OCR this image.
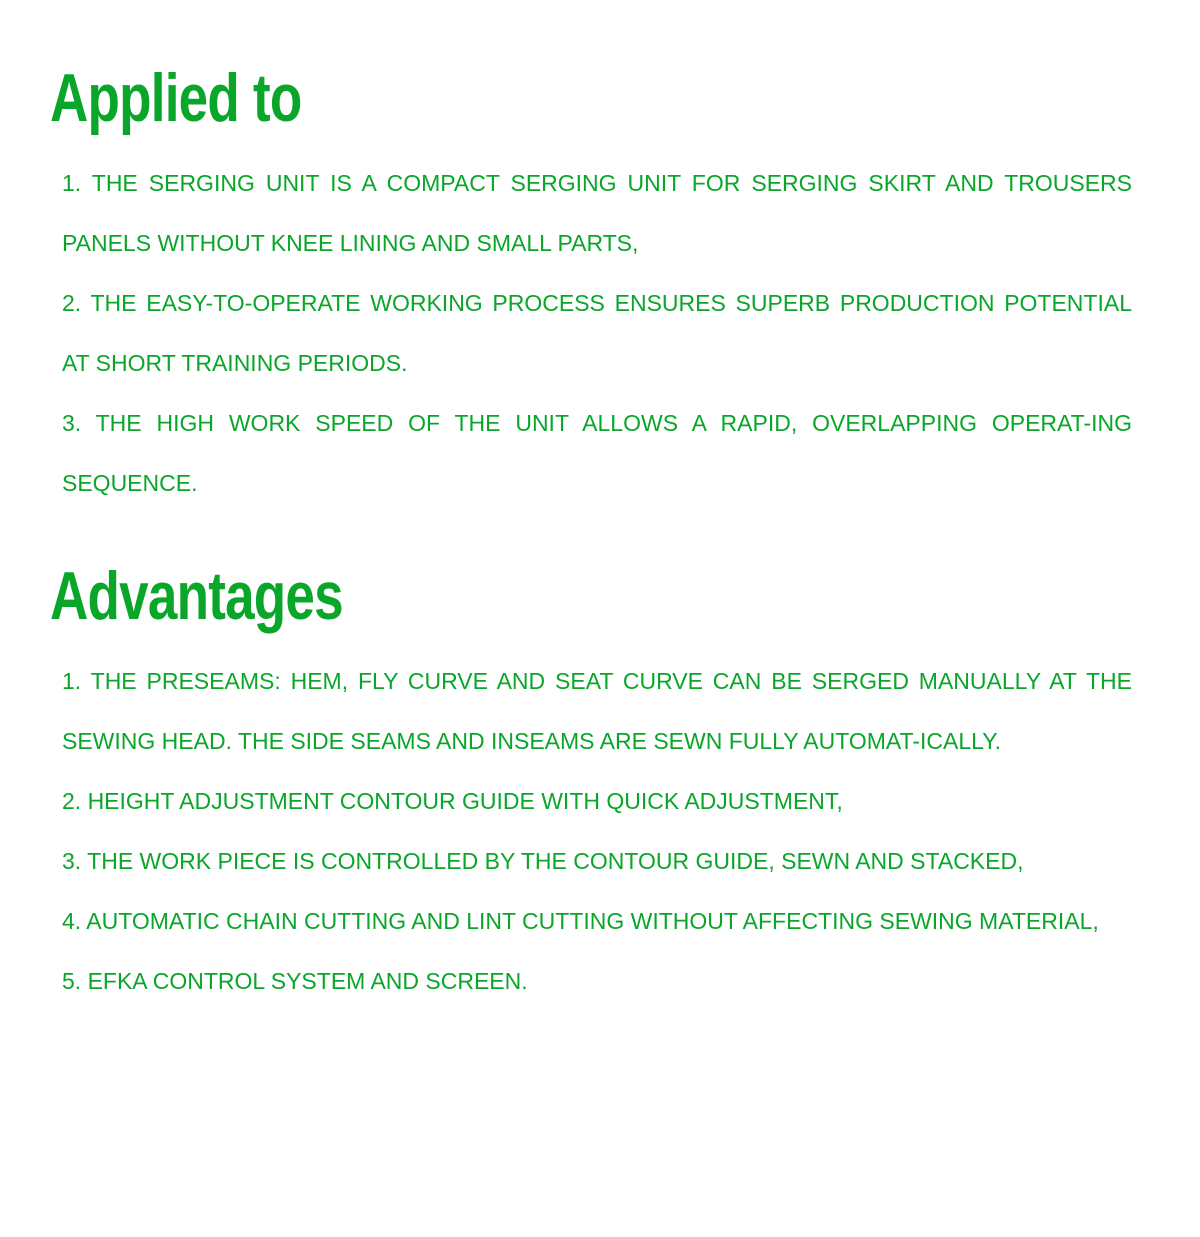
Applied to
1. THE SERGING UNIT IS A COMPACT SERGING UNIT FOR SERGING SKIRT AND TROUSERS PANELS WITHOUT KNEE LINING AND SMALL PARTS,
2. THE EASY-TO-OPERATE WORKING PROCESS ENSURES SUPERB PRODUCTION POTENTIAL AT SHORT TRAINING PERIODS.
3. THE HIGH WORK SPEED OF THE UNIT ALLOWS A RAPID, OVERLAPPING OPERAT-ING SEQUENCE.
Advantages
1. THE PRESEAMS: HEM, FLY CURVE AND SEAT CURVE CAN BE SERGED MANUALLY AT THE SEWING HEAD. THE SIDE SEAMS AND INSEAMS ARE SEWN FULLY AUTOMAT-ICALLY.
2. HEIGHT ADJUSTMENT CONTOUR GUIDE WITH QUICK ADJUSTMENT,
3. THE WORK PIECE IS CONTROLLED BY THE CONTOUR GUIDE, SEWN AND STACKED,
4. AUTOMATIC CHAIN CUTTING AND LINT CUTTING WITHOUT AFFECTING SEWING MATERIAL,
5. EFKA CONTROL SYSTEM AND SCREEN.
